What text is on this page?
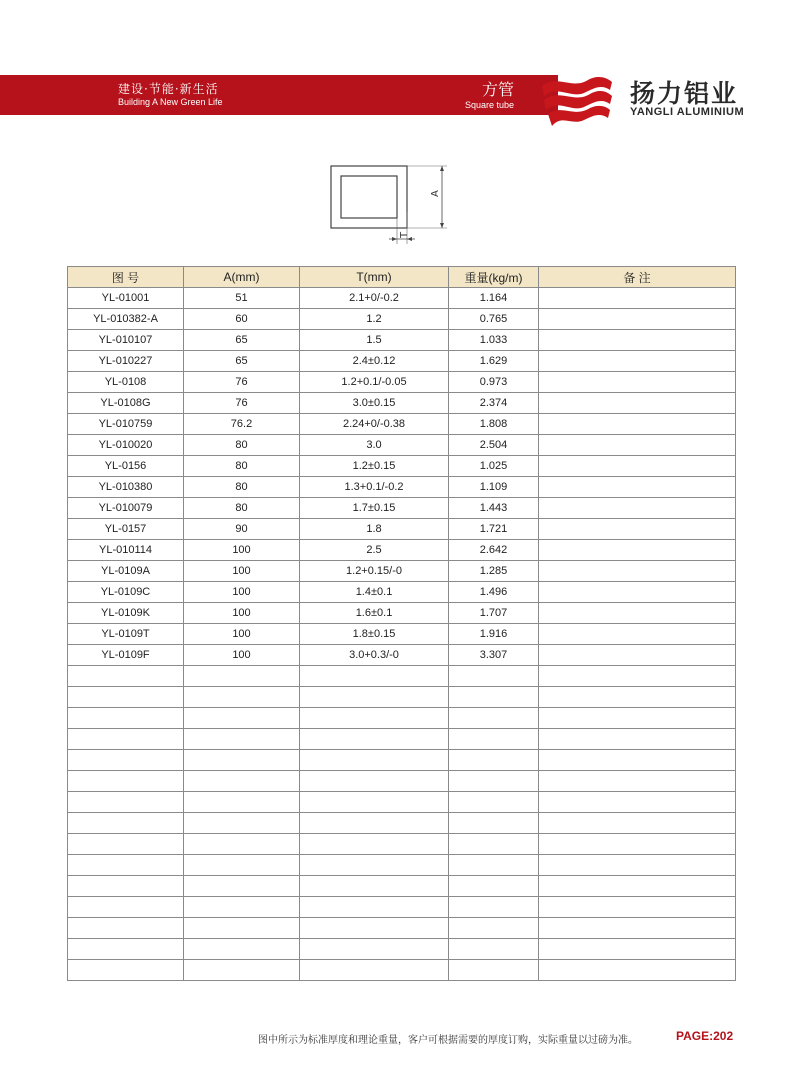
建设·节能·新生活
Building A New Green Life
方管
Square tube	扬力铝业
YANGLI ALUMINIUM
A
T
图 号	A(mm)	T(mm)	重量(kg/m)	备 注
YL-01001	51	2.1+0/-0.2	1.164	
YL-010382-A	60	1.2	0.765	
YL-010107	65	1.5	1.033	
YL-010227	65	2.4±0.12	1.629	
YL-0108	76	1.2+0.1/-0.05	0.973	
YL-0108G	76	3.0±0.15	2.374	
YL-010759	76.2	2.24+0/-0.38	1.808	
YL-010020	80	3.0	2.504	
YL-0156	80	1.2±0.15	1.025	
YL-010380	80	1.3+0.1/-0.2	1.109	
YL-010079	80	1.7±0.15	1.443	
YL-0157	90	1.8	1.721	
YL-010114	100	2.5	2.642	
YL-0109A	100	1.2+0.15/-0	1.285	
YL-0109C	100	1.4±0.1	1.496	
YL-0109K	100	1.6±0.1	1.707	
YL-0109T	100	1.8±0.15	1.916	
YL-0109F	100	3.0+0.3/-0	3.307	

图中所示为标准厚度和理论重量，客户可根据需要的厚度订购，实际重量以过磅为准。	PAGE:202
